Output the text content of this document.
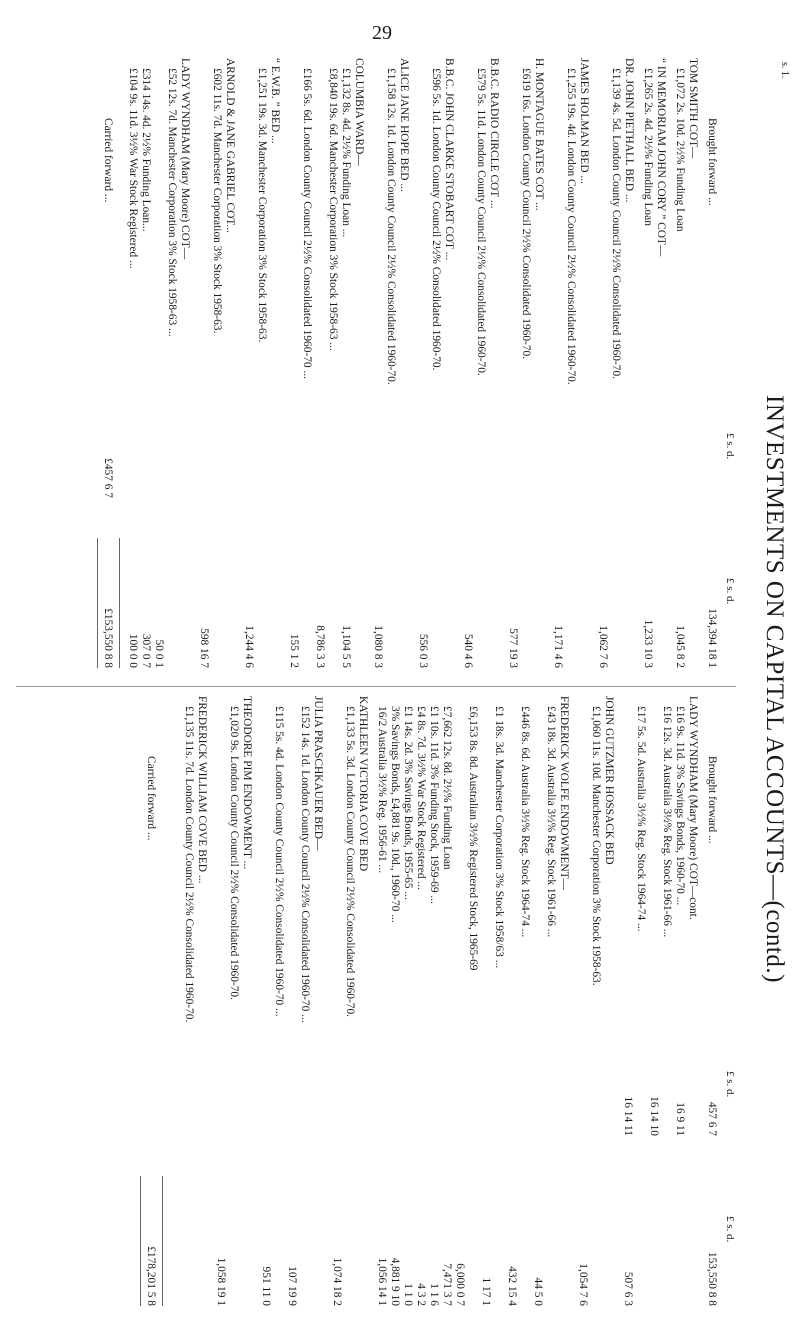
29
s. 1.
INVESTMENTS ON CAPITAL ACCOUNTS—(contd.)
£ s. d.
£ s. d.
Brought forward ...
134,394 18 1
TOM SMITH COT—
£1,072 2s. 10d. 2½% Funding Loan
1,045 8 2
“ IN MEMORIAM JOHN CORY ” COT—
£1,265 2s. 4d. 2½% Funding Loan
1,233 10 3
DR. JOHN PIETHALL BED ...
£1,139 4s. 5d. London County Council 2½% Consolidated 1960-70.
1,062 7 6
JAMES HOLMAN BED ...
£1,255 19s. 4d. London County Council 2½% Consolidated 1960-70.
1,171 4 6
H. MONTAGUE BATES COT ...
£619 16s. London County Council 2½% Consolidated 1960-70.
577 19 3
B.B.C. RADIO CIRCLE COT ...
£579 5s. 11d. London County Council 2½% Consolidated 1960-70.
540 4 6
B.B.C. JOHN CLARKE STOBART COT ...
£596 5s. 1d. London County Council 2½% Consolidated 1960-70.
556 0 3
ALICE JANE HOPE BED ...
£1,158 12s. 1d. London County Council 2½% Consolidated 1960-70.
1,080 8 3
COLUMBIA WARD—
£1,132 8s. 4d. 2½% Funding Loan ...
1,104 5 5
£8,840 19s. 6d. Manchester Corporation 3% Stock 1958-63 ...
8,786 3 3
£166 5s. 6d. London County Council 2½% Consolidated 1960-70 ...
155 1 2
“ E.W.B. ” BED ...
£1,251 19s. 3d. Manchester Corporation 3% Stock 1958-63.
1,244 4 6
ARNOLD & JANE GABRIEL COT...
£602 11s. 7d. Manchester Corporation 3% Stock 1958-63.
598 16 7
LADY WYNDHAM (Mary Moore) COT—
£52 12s. 7d. Manchester Corporation 3% Stock 1958-63 ...
50 0 1
£314 14s. 4d. 2½% Funding Loan...
307 0 7
£104 9s. 11d. 3½% War Stock Registered ...
100 0 0
Carried forward ...
£457 6 7
£153,550 8 8
£ s. d.
£ s. d.
Brought forward ...
457 6 7
153,550 8 8
LADY WYNDHAM (Mary Moore) COT—cont.
£16 9s. 11d. 3% Savings Bonds, 1960-70 ...
16 9 11
£16 12s. 3d. Australia 3½% Reg. Stock 1961-66 ...
16 14 10
£17 5s. 5d. Australia 3½% Reg. Stock 1964-74 ...
16 14 11
507 6 3
JOHN GUTZMER HOSSACK BED
£1,060 11s. 10d. Manchester Corporation 3% Stock 1958-63.
1,054 7 6
FREDERICK WOLFE ENDOWMENT—
£43 18s. 3d. Australia 3½% Reg. Stock 1961-66 ...
44 5 0
£446 8s. 6d. Australia 3½% Reg. Stock 1964-74 ...
432 15 4
£1 18s. 3d. Manchester Corporation 3% Stock 1958/63 ...
1 17 1
£6,153 8s. 8d. Australian 3½% Registered Stock, 1965-69
6,000 0 7
£7,662 12s. 8d. 2½% Funding Loan
7,471 3 7
£1 10s. 11d. 3% Funding Stock, 1959-69 ...
1 1 6
£4 8s. 7d. 3½% War Stock Registered ...
4 3 2
£1 14s. 2d. 3% Savings Bonds, 1955-65 ...
1 1 0
3% Savings Bonds, £4,881 9s. 10d., 1960-70 ...
4,881 9 10
16/2 Australia 3½% Reg. 1956-61 ...
1,056 14 1
KATHLEEN VICTORIA COVE BED
£1,133 5s. 3d. London County Council 2½% Consolidated 1960-70.
1,074 18 2
JULIA PRASCHKAUER BED—
£152 14s. 1d. London County Council 2½% Consolidated 1960-70 ...
107 19 9
£115 5s. 4d. London County Council 2½% Consolidated 1960-70 ...
951 11 0
THEODORE PIM ENDOWMENT ...
£1,020 9s. London County Council 2½% Consolidated 1960-70.
1,058 19 1
FREDERICK WILLIAM COVE BED ...
£1,135 11s. 7d. London County Council 2½% Consolidated 1960-70.
Carried forward ...
£178,201 5 8
